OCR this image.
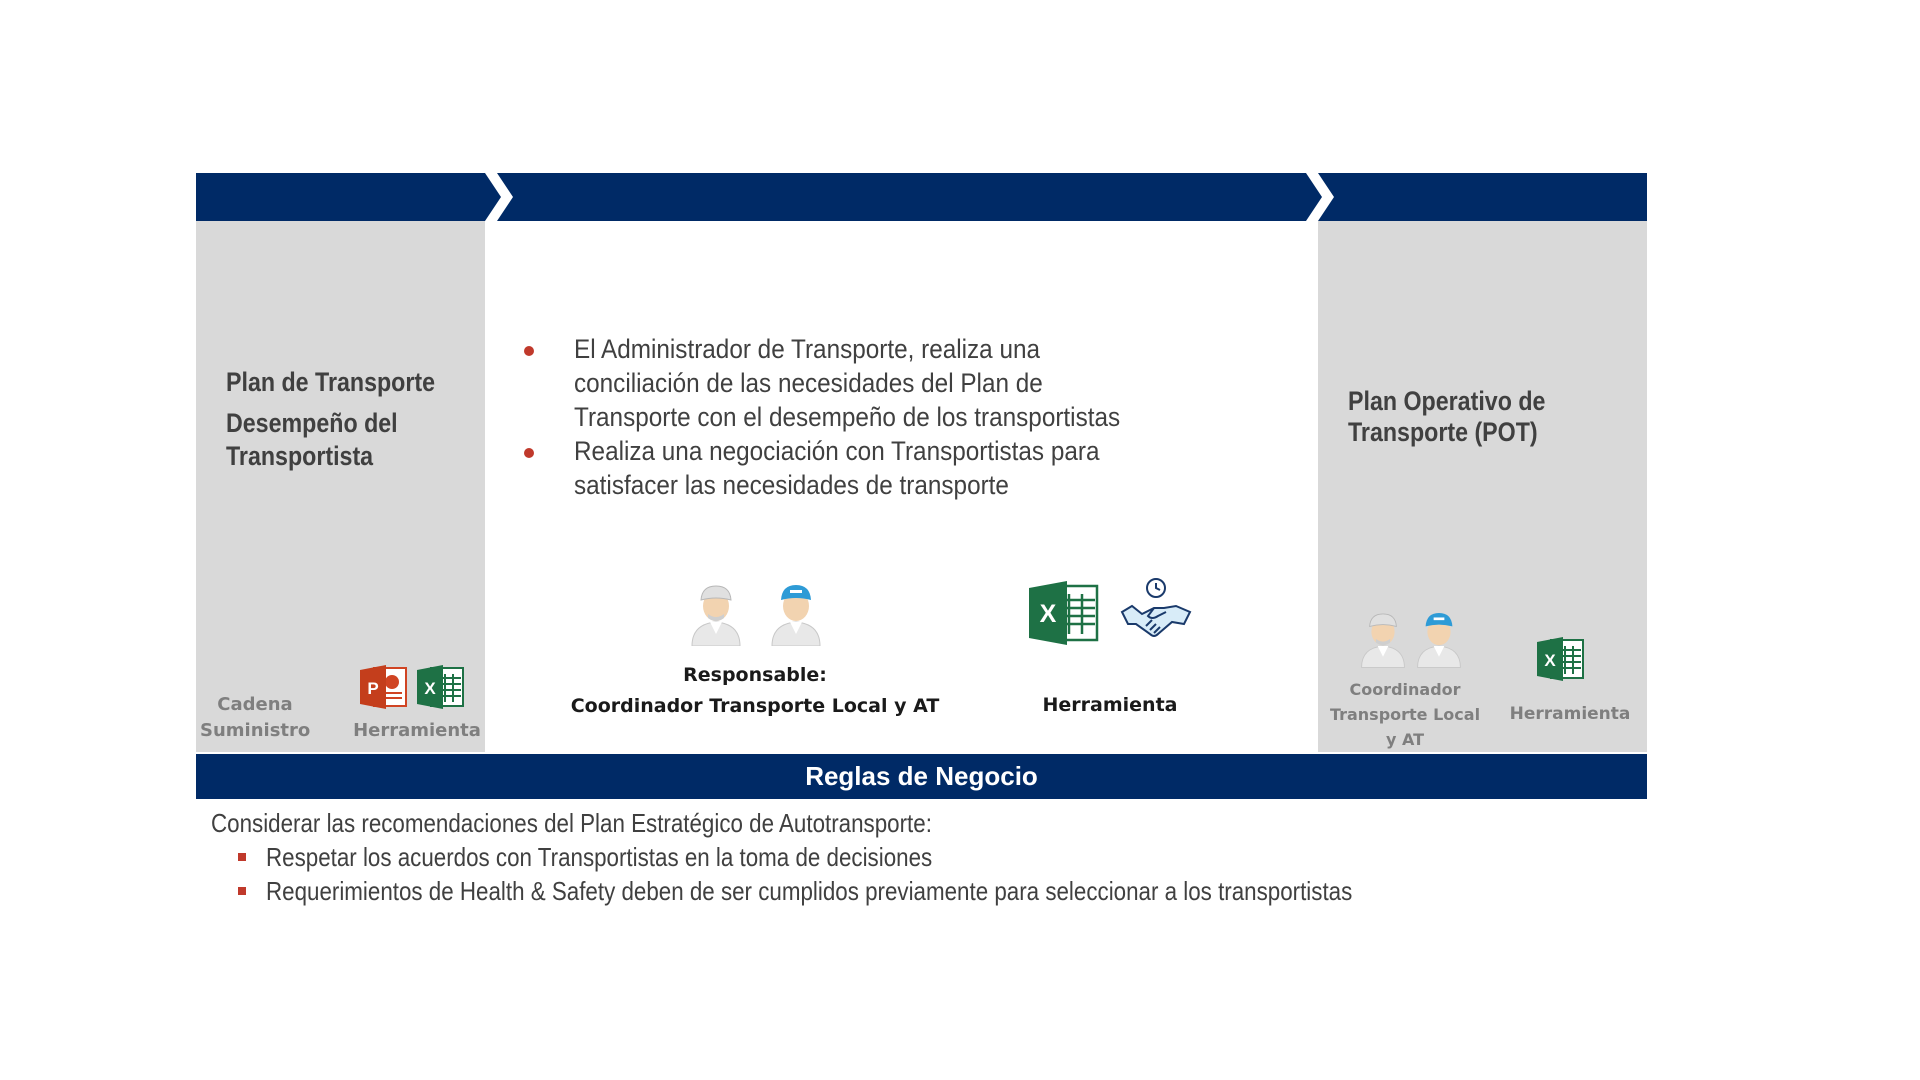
Entradas	Actividades	Salidas
Plan de Transporte
Desempeño del
Transportista
P	X
Cadena
Suministro Herramienta
El Administrador de Transporte, realiza una conciliación de las necesidades del Plan de Transporte con el desempeño de los transportistas
Realiza una negociación con Transportistas para satisfacer las necesidades de transporte
Responsable:
Coordinador Transporte Local y AT
X
Herramienta
Plan Operativo de
Transporte (POT)
X
Coordinador
Transporte Local
y AT
Herramienta
Reglas de Negocio
Considerar las recomendaciones del Plan Estratégico de Autotransporte:
Respetar los acuerdos con Transportistas en la toma de decisiones
Requerimientos de Health & Safety deben de ser cumplidos previamente para seleccionar a los transportistas
